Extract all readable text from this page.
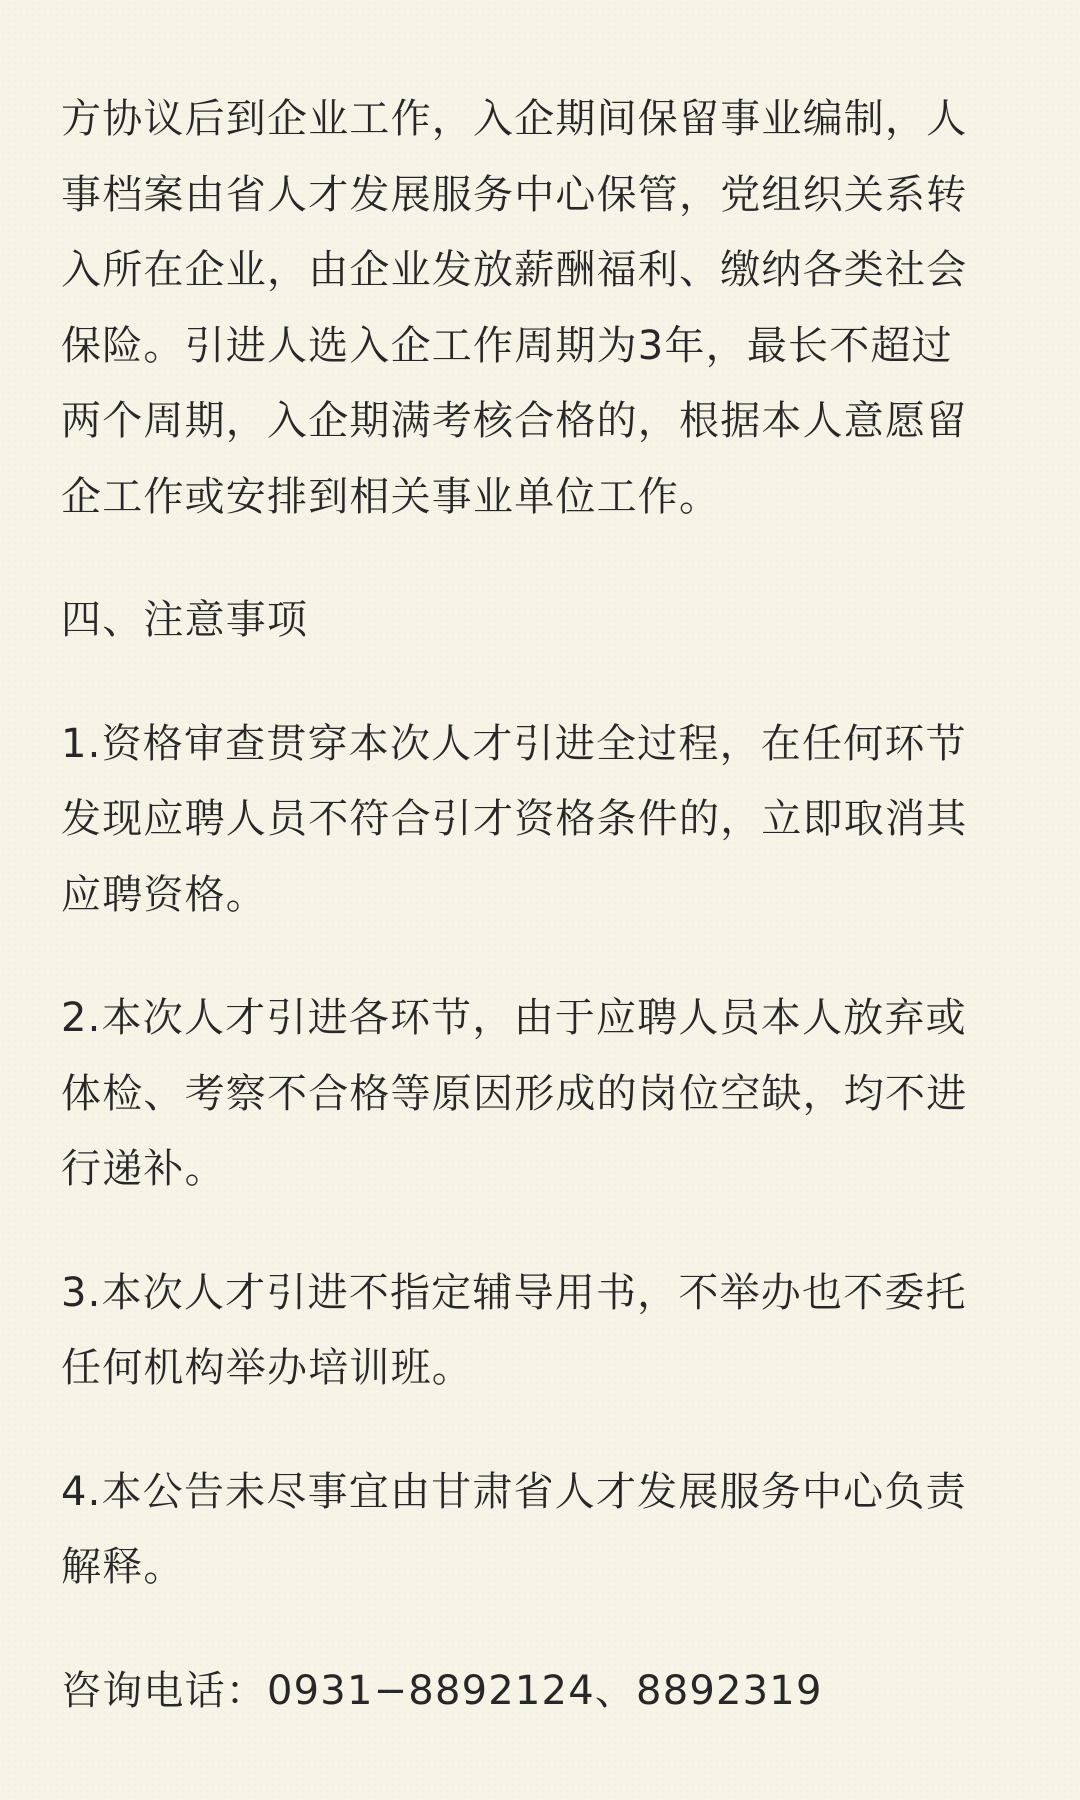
方协议后到企业工作，入企期间保留事业编制，人
事档案由省人才发展服务中心保管，党组织关系转
入所在企业，由企业发放薪酬福利、缴纳各类社会
保险。引进人选入企工作周期为3年，最长不超过
两个周期，入企期满考核合格的，根据本人意愿留
企工作或安排到相关事业单位工作。
四、注意事项
1.资格审查贯穿本次人才引进全过程，在任何环节
发现应聘人员不符合引才资格条件的，立即取消其
应聘资格。
2.本次人才引进各环节，由于应聘人员本人放弃或
体检、考察不合格等原因形成的岗位空缺，均不进
行递补。
3.本次人才引进不指定辅导用书，不举办也不委托
任何机构举办培训班。
4.本公告未尽事宜由甘肃省人才发展服务中心负责
解释。
咨询电话：0931−8892124、8892319
